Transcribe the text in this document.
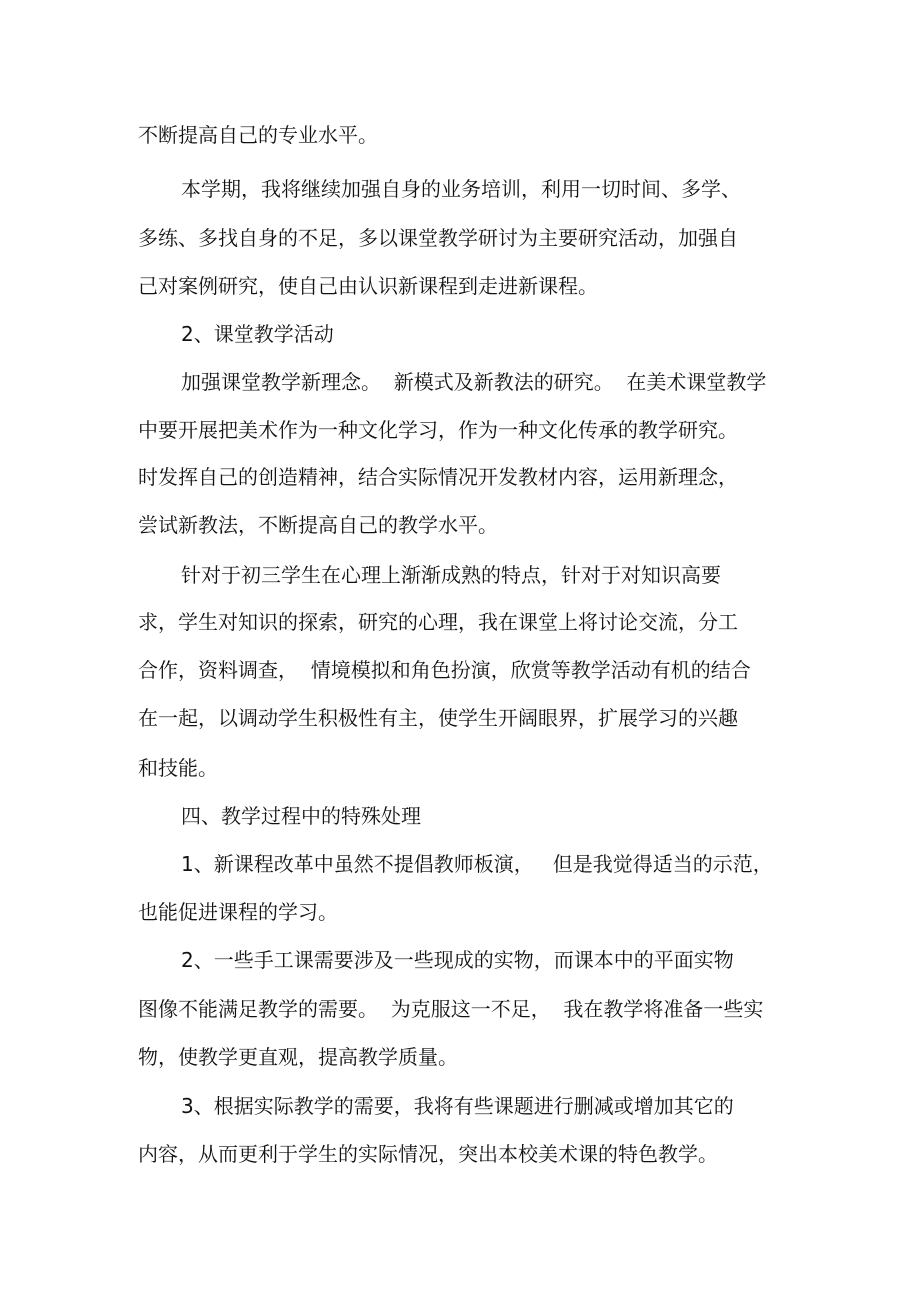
不断提高自己的专业水平。
本学期，我将继续加强自身的业务培训，利用一切时间、多学、
多练、多找自身的不足，多以课堂教学研讨为主要研究活动，加强自
己对案例研究，使自己由认识新课程到走进新课程。
2、课堂教学活动
加强课堂教学新理念。  新模式及新教法的研究。  在美术课堂教学
中要开展把美术作为一种文化学习，作为一种文化传承的教学研究。
时发挥自己的创造精神，结合实际情况开发教材内容，运用新理念，
尝试新教法，不断提高自己的教学水平。
针对于初三学生在心理上渐渐成熟的特点，针对于对知识高要
求，学生对知识的探索，研究的心理，我在课堂上将讨论交流，分工
合作，资料调查，  情境模拟和角色扮演，欣赏等教学活动有机的结合
在一起，以调动学生积极性有主，使学生开阔眼界，扩展学习的兴趣
和技能。
四、教学过程中的特殊处理
1、新课程改革中虽然不提倡教师板演，   但是我觉得适当的示范，
也能促进课程的学习。
2、一些手工课需要涉及一些现成的实物，而课本中的平面实物
图像不能满足教学的需要。  为克服这一不足，  我在教学将准备一些实
物，使教学更直观，提高教学质量。
3、根据实际教学的需要，我将有些课题进行删减或增加其它的
内容，从而更利于学生的实际情况，突出本校美术课的特色教学。
